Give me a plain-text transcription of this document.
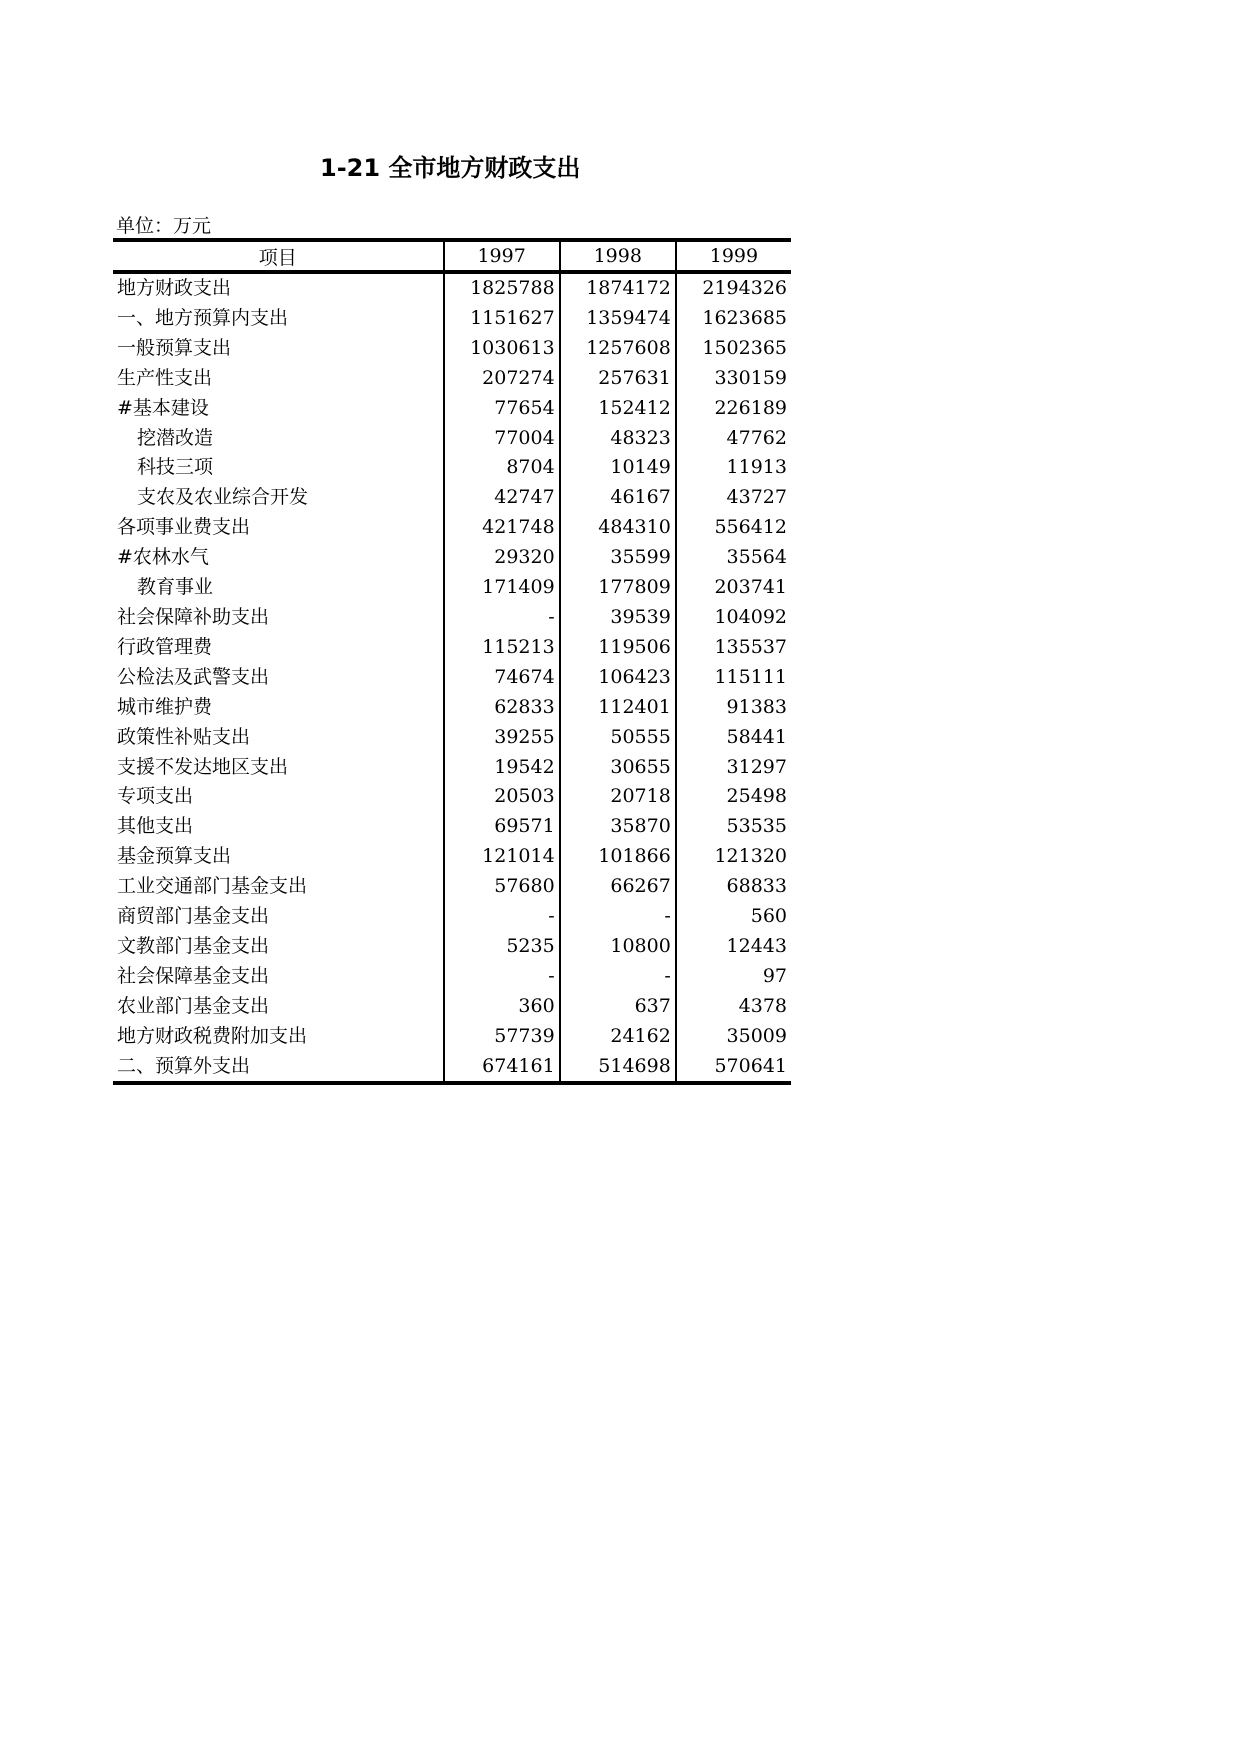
1-21 全市地方财政支出
单位：万元
项目	1997	1998	1999
地方财政支出	1825788	1874172	2194326
一、地方预算内支出	1151627	1359474	1623685
一般预算支出	1030613	1257608	1502365
生产性支出	207274	257631	330159
#基本建设	77654	152412	226189
挖潜改造	77004	48323	47762
科技三项	8704	10149	11913
支农及农业综合开发	42747	46167	43727
各项事业费支出	421748	484310	556412
#农林水气	29320	35599	35564
教育事业	171409	177809	203741
社会保障补助支出	-	39539	104092
行政管理费	115213	119506	135537
公检法及武警支出	74674	106423	115111
城市维护费	62833	112401	91383
政策性补贴支出	39255	50555	58441
支援不发达地区支出	19542	30655	31297
专项支出	20503	20718	25498
其他支出	69571	35870	53535
基金预算支出	121014	101866	121320
工业交通部门基金支出	57680	66267	68833
商贸部门基金支出	-	-	560
文教部门基金支出	5235	10800	12443
社会保障基金支出	-	-	97
农业部门基金支出	360	637	4378
地方财政税费附加支出	57739	24162	35009
二、预算外支出	674161	514698	570641
